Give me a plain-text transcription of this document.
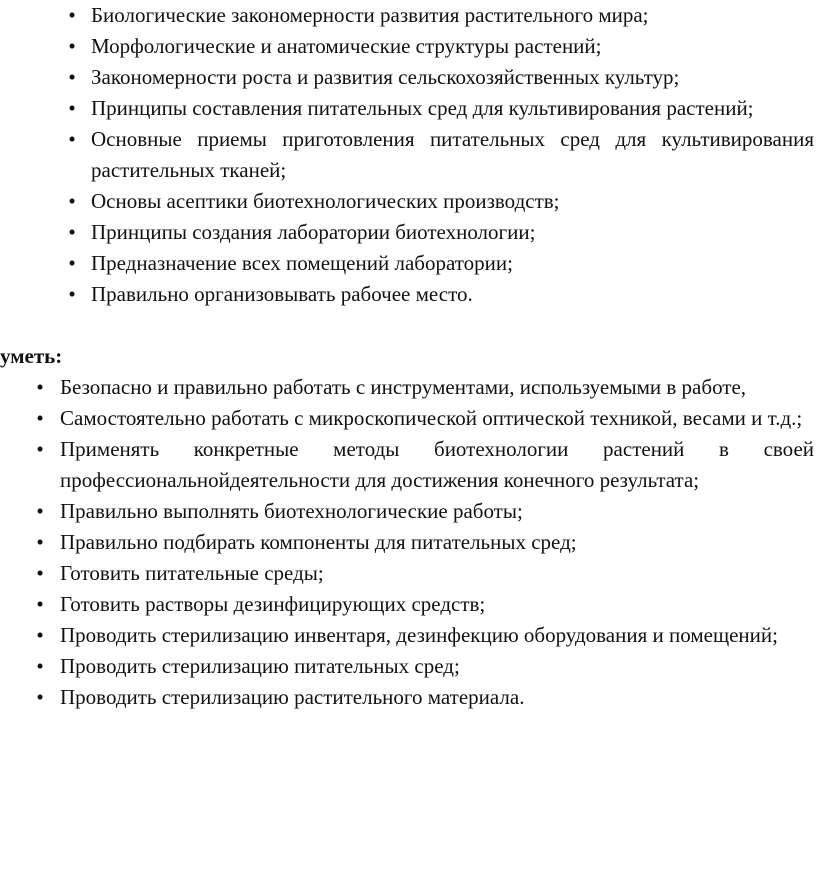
• Биологические закономерности развития растительного мира;
• Морфологические и анатомические структуры растений;
• Закономерности роста и развития сельскохозяйственных культур;
• Принципы составления питательных сред для культивирования растений;
• Основные приемы приготовления питательных сред для культивирования растительных тканей;
• Основы асептики биотехнологических производств;
• Принципы создания лаборатории биотехнологии;
• Предназначение всех помещений лаборатории;
• Правильно организовывать рабочее место.
уметь:
• Безопасно и правильно работать с инструментами, используемыми в работе,
• Самостоятельно работать с микроскопической оптической техникой, весами и т.д.;
• Применять конкретные методы биотехнологии растений в своей профессиональнойдеятельности для достижения конечного результата;
• Правильно выполнять биотехнологические работы;
• Правильно подбирать компоненты для питательных сред;
• Готовить питательные среды;
• Готовить растворы дезинфицирующих средств;
• Проводить стерилизацию инвентаря, дезинфекцию оборудования и помещений;
• Проводить стерилизацию питательных сред;
• Проводить стерилизацию растительного материала.
